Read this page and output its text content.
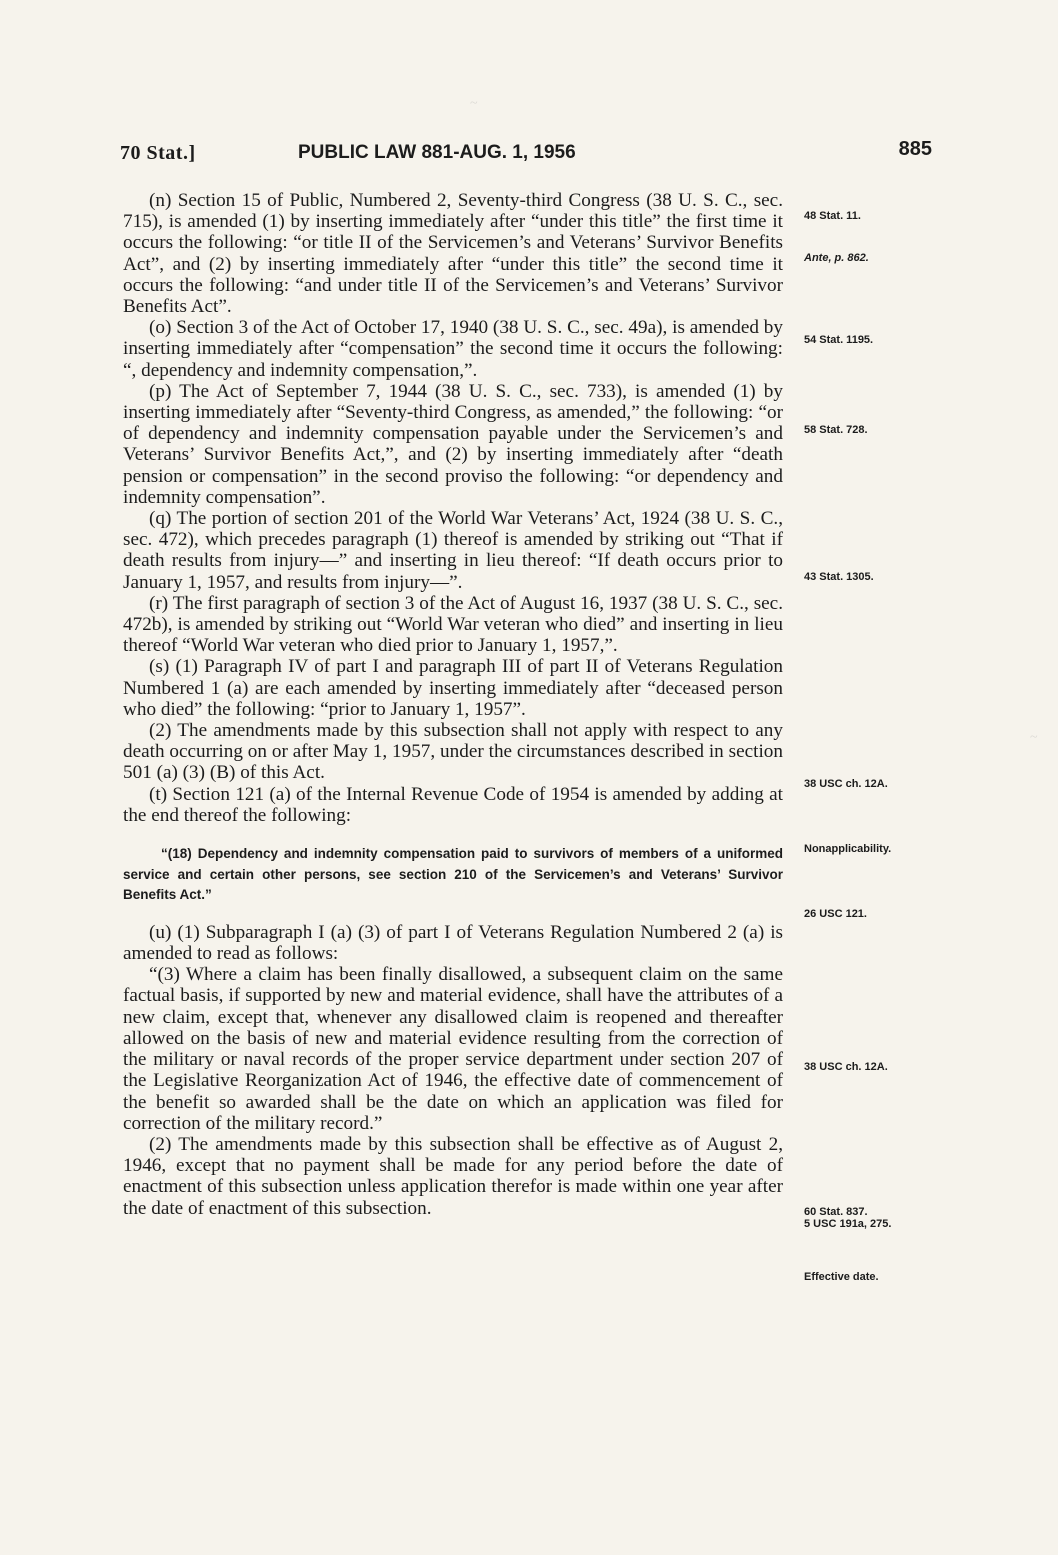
70 Stat.]	PUBLIC LAW 881-AUG. 1, 1956	885

(n) Section 15 of Public, Numbered 2, Seventy-third Congress (38 U. S. C., sec. 715), is amended (1) by inserting immediately after “under this title” the first time it occurs the following: “or title II of the Servicemen’s and Veterans’ Survivor Benefits Act”, and (2) by inserting immediately after “under this title” the second time it occurs the following: “and under title II of the Servicemen’s and Veterans’ Survivor Benefits Act”.

(o) Section 3 of the Act of October 17, 1940 (38 U. S. C., sec. 49a), is amended by inserting immediately after “compensation” the second time it occurs the following: “, dependency and indemnity compensation,”.

(p) The Act of September 7, 1944 (38 U. S. C., sec. 733), is amended (1) by inserting immediately after “Seventy-third Congress, as amended,” the following: “or of dependency and indemnity compensation payable under the Servicemen’s and Veterans’ Survivor Benefits Act,”, and (2) by inserting immediately after “death pension or compensation” in the second proviso the following: “or dependency and indemnity compensation”.

(q) The portion of section 201 of the World War Veterans’ Act, 1924 (38 U. S. C., sec. 472), which precedes paragraph (1) thereof is amended by striking out “That if death results from injury—” and inserting in lieu thereof: “If death occurs prior to January 1, 1957, and results from injury—”.

(r) The first paragraph of section 3 of the Act of August 16, 1937 (38 U. S. C., sec. 472b), is amended by striking out “World War veteran who died” and inserting in lieu thereof “World War veteran who died prior to January 1, 1957,”.

(s) (1) Paragraph IV of part I and paragraph III of part II of Veterans Regulation Numbered 1 (a) are each amended by inserting immediately after “deceased person who died” the following: “prior to January 1, 1957”.

(2) The amendments made by this subsection shall not apply with respect to any death occurring on or after May 1, 1957, under the circumstances described in section 501 (a) (3) (B) of this Act.

(t) Section 121 (a) of the Internal Revenue Code of 1954 is amended by adding at the end thereof the following:

“(18) Dependency and indemnity compensation paid to survivors of members of a uniformed service and certain other persons, see section 210 of the Servicemen’s and Veterans’ Survivor Benefits Act.”

(u) (1) Subparagraph I (a) (3) of part I of Veterans Regulation Numbered 2 (a) is amended to read as follows:

“(3) Where a claim has been finally disallowed, a subsequent claim on the same factual basis, if supported by new and material evidence, shall have the attributes of a new claim, except that, whenever any disallowed claim is reopened and thereafter allowed on the basis of new and material evidence resulting from the correction of the military or naval records of the proper service department under section 207 of the Legislative Reorganization Act of 1946, the effective date of commencement of the benefit so awarded shall be the date on which an application was filed for correction of the military record.”

(2) The amendments made by this subsection shall be effective as of August 2, 1946, except that no payment shall be made for any period before the date of enactment of this subsection unless application therefor is made within one year after the date of enactment of this subsection.

48 Stat. 11.
Ante, p. 862.
54 Stat. 1195.
58 Stat. 728.
43 Stat. 1305.
38 USC ch. 12A.
Nonapplicability.
26 USC 121.
38 USC ch. 12A.
60 Stat. 837.
5 USC 191a, 275.
Effective date.
~
~
